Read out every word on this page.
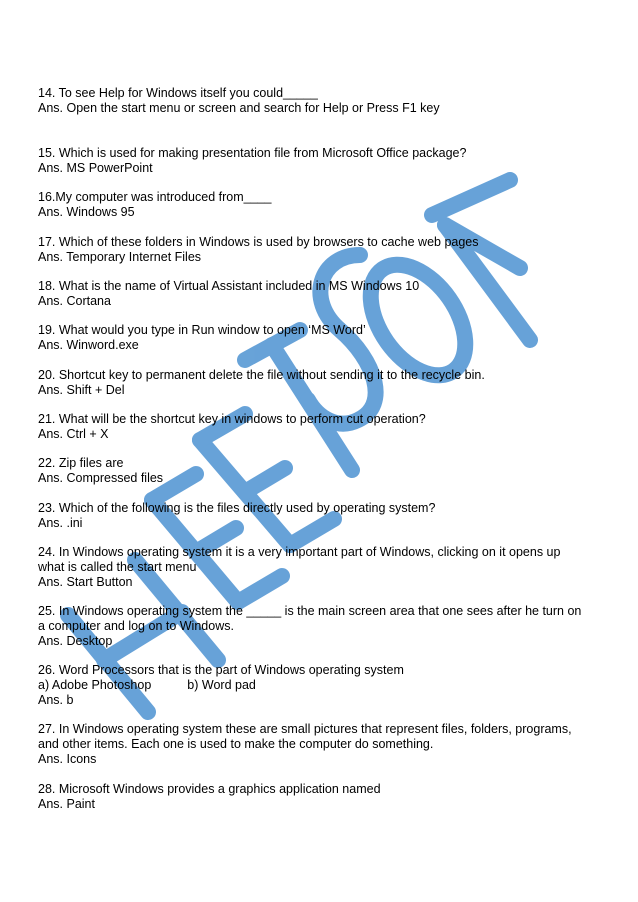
14. To see Help for Windows itself you could_____
Ans. Open the start menu or screen and search for Help or Press F1 key
15. Which is used for making presentation file from Microsoft Office package?
Ans. MS PowerPoint
16.My computer was introduced from____
Ans. Windows 95
17. Which of these folders in Windows is used by browsers to cache web pages
Ans. Temporary Internet Files
18. What is the name of Virtual Assistant included in MS Windows 10
Ans. Cortana
19. What would you type in Run window to open ‘MS Word’
Ans. Winword.exe
20. Shortcut key to permanent delete the file without sending it to the recycle bin.
Ans. Shift + Del
21. What will be the shortcut key in windows to perform cut operation?
Ans. Ctrl + X
22. Zip files are
Ans. Compressed files
23. Which of the following is the files directly used by operating system?
Ans. .ini
24. In Windows operating system it is a very important part of Windows, clicking on it opens up
what is called the start menu
Ans. Start Button
25. In Windows operating system the _____ is the main screen area that one sees after he turn on
a computer and log on to Windows.
Ans. Desktop
26. Word Processors that is the part of Windows operating system
a) Adobe Photoshop	b) Word pad
Ans. b
27. In Windows operating system these are small pictures that represent files, folders, programs,
and other items. Each one is used to make the computer do something.
Ans. Icons
28. Microsoft Windows provides a graphics application named
Ans. Paint
